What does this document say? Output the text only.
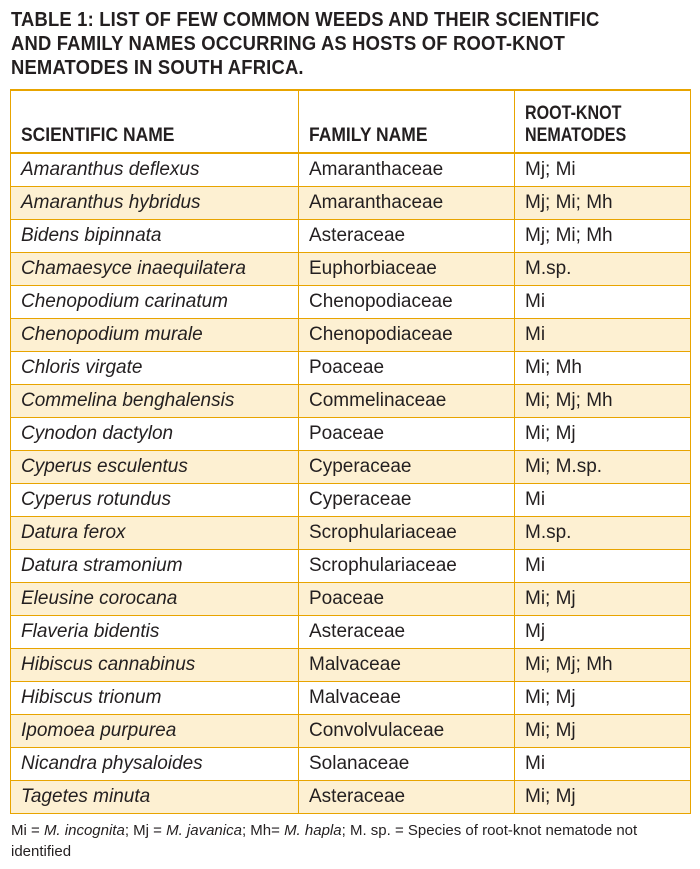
TABLE 1: LIST OF FEW COMMON WEEDS AND THEIR SCIENTIFIC AND FAMILY NAMES OCCURRING AS HOSTS OF ROOT-KNOT NEMATODES IN SOUTH AFRICA.
SCIENTIFIC NAME	FAMILY NAME	ROOT-KNOT
NEMATODES
Amaranthus deflexus	Amaranthaceae	Mj; Mi
Amaranthus hybridus	Amaranthaceae	Mj; Mi; Mh
Bidens bipinnata	Asteraceae	Mj; Mi; Mh
Chamaesyce inaequilatera	Euphorbiaceae	M.sp.
Chenopodium carinatum	Chenopodiaceae	Mi
Chenopodium murale	Chenopodiaceae	Mi
Chloris virgate	Poaceae	Mi; Mh
Commelina benghalensis	Commelinaceae	Mi; Mj; Mh
Cynodon dactylon	Poaceae	Mi; Mj
Cyperus esculentus	Cyperaceae	Mi; M.sp.
Cyperus rotundus	Cyperaceae	Mi
Datura ferox	Scrophulariaceae	M.sp.
Datura stramonium	Scrophulariaceae	Mi
Eleusine corocana	Poaceae	Mi; Mj
Flaveria bidentis	Asteraceae	Mj
Hibiscus cannabinus	Malvaceae	Mi; Mj; Mh
Hibiscus trionum	Malvaceae	Mi; Mj
Ipomoea purpurea	Convolvulaceae	Mi; Mj
Nicandra physaloides	Solanaceae	Mi
Tagetes minuta	Asteraceae	Mi; Mj
Mi = M. incognita; Mj = M. javanica; Mh= M. hapla; M. sp. = Species of root-knot nematode not identified
